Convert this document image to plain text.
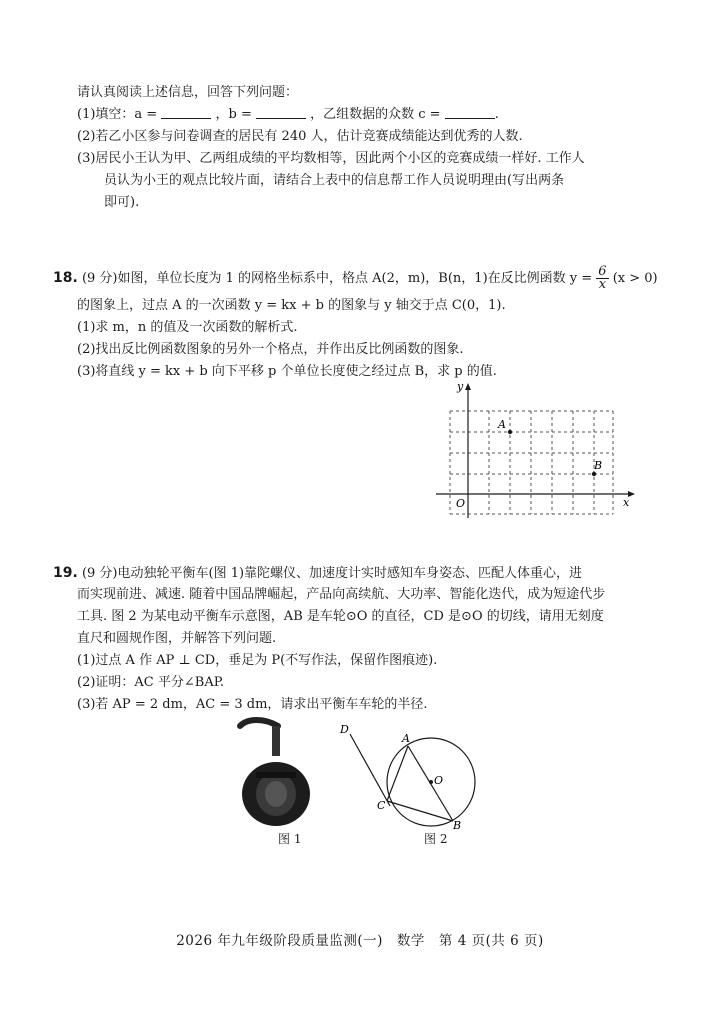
请认真阅读上述信息，回答下列问题：
(1)填空：a =	，b =	，乙组数据的众数 c =	.
(2)若乙小区参与问卷调查的居民有 240 人，估计竞赛成绩能达到优秀的人数.
(3)居民小王认为甲、乙两组成绩的平均数相等，因此两个小区的竞赛成绩一样好. 工作人
员认为小王的观点比较片面，请结合上表中的信息帮工作人员说明理由(写出两条
即可).
18. (9 分)如图，单位长度为 1 的网格坐标系中，格点 A(2，m)，B(n，1)在反比例函数 $y = \frac{6}{x} (x > 0)$
的图象上，过点 A 的一次函数 y = kx + b 的图象与 y 轴交于点 C(0，1).
(1)求 m，n 的值及一次函数的解析式.
(2)找出反比例函数图象的另外一个格点，并作出反比例函数的图象.
(3)将直线 y = kx + b 向下平移 p 个单位长度使之经过点 B，求 p 的值.
y
x
O
A
B
19. (9 分)电动独轮平衡车(图 1)靠陀螺仪、加速度计实时感知车身姿态、匹配人体重心，进
而实现前进、减速. 随着中国品牌崛起，产品向高续航、大功率、智能化迭代，成为短途代步
工具. 图 2 为某电动平衡车示意图，AB 是车轮⊙O 的直径，CD 是⊙O 的切线，请用无刻度
直尺和圆规作图，并解答下列问题.
(1)过点 A 作 AP ⊥ CD，垂足为 P(不写作法，保留作图痕迹).
(2)证明：AC 平分∠BAP.
(3)若 AP = 2 dm，AC = 3 dm，请求出平衡车车轮的半径.
图 1
D
A
O
C
B
图 2
2026 年九年级阶段质量监测(一)　数学　第 4 页(共 6 页)
